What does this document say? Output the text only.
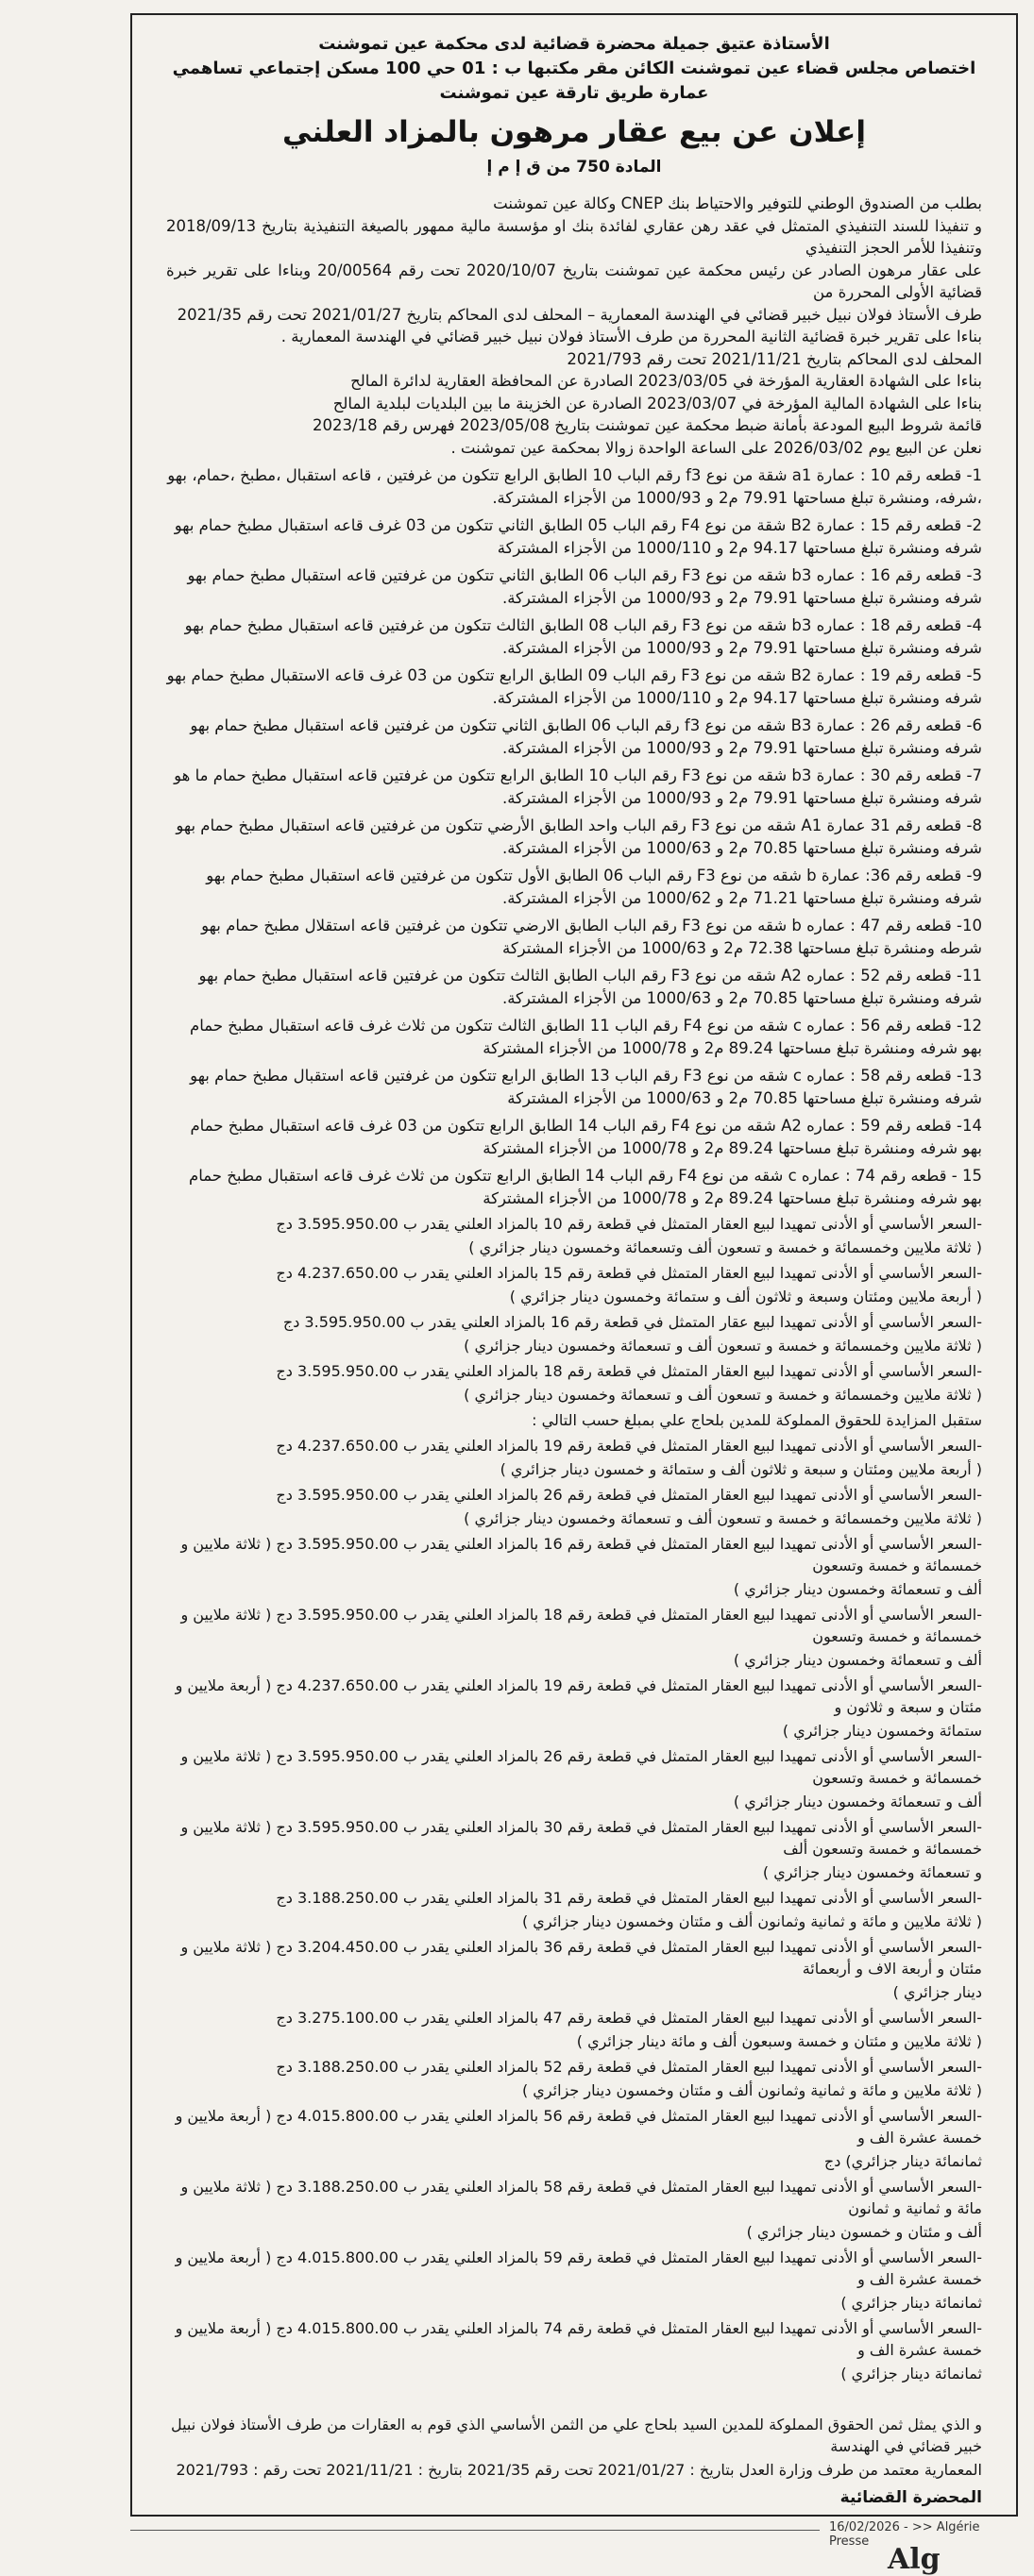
الأستاذة عتيق جميلة محضرة قضائية لدى محكمة عين تموشنت

اختصاص مجلس قضاء عين تموشنت الكائن مقر مكتبها ب : 01 حي 100 مسكن إجتماعي تساهمي عمارة طريق تارقة عين تموشنت

إعلان عن بيع عقار مرهون بالمزاد العلني

المادة 750 من ق إ م إ

بطلب من الصندوق الوطني للتوفير والاحتياط بنك CNEP وكالة عين تموشنت

و تنفيذا للسند التنفيذي المتمثل في عقد رهن عقاري لفائدة بنك او مؤسسة مالية ممهور بالصيغة التنفيذية بتاريخ 2018/09/13 وتنفيذا للأمر الحجز التنفيذي

على عقار مرهون الصادر عن رئيس محكمة عين تموشنت بتاريخ 2020/10/07 تحت رقم 20/00564 وبناءا على تقرير خبرة قضائية الأولى المحررة من

طرف الأستاذ فولان نبيل خبير قضائي في الهندسة المعمارية – المحلف لدى المحاكم بتاريخ 2021/01/27 تحت رقم 2021/35

بناءا على تقرير خبرة قضائية الثانية المحررة من طرف الأستاذ فولان نبيل خبير قضائي في الهندسة المعمارية .

المحلف لدى المحاكم بتاريخ 2021/11/21 تحت رقم 2021/793

بناءا على الشهادة العقارية المؤرخة في 2023/03/05 الصادرة عن المحافظة العقارية لدائرة المالح

بناءا على الشهادة المالية المؤرخة في 2023/03/07 الصادرة عن الخزينة ما بين البلديات لبلدية المالح

قائمة شروط البيع المودعة بأمانة ضبط محكمة عين تموشنت بتاريخ 2023/05/08 فهرس رقم 2023/18

نعلن عن البيع يوم 2026/03/02 على الساعة الواحدة زوالا بمحكمة عين تموشنت .

1- قطعه رقم 10 : عمارة a1 شقة من نوع f3 رقم الباب 10 الطابق الرابع تتكون من غرفتين ، قاعه استقبال ،مطبخ ،حمام، بهو ،شرفه، ومنشرة تبلغ مساحتها 79.91 م2 و 1000/93 من الأجزاء المشتركة.

2- قطعه رقم 15 : عمارة B2 شقة من نوع F4 رقم الباب 05 الطابق الثاني تتكون من 03 غرف قاعه استقبال مطبخ حمام بهو شرفه ومنشرة تبلغ مساحتها 94.17 م2 و 1000/110 من الأجزاء المشتركة

3- قطعه رقم 16 : عماره b3 شقه من نوع F3 رقم الباب 06 الطابق الثاني تتكون من غرفتين قاعه استقبال مطبخ حمام بهو شرفه ومنشرة تبلغ مساحتها 79.91 م2 و 1000/93 من الأجزاء المشتركة.

4- قطعه رقم 18 : عماره b3 شقه من نوع F3 رقم الباب 08 الطابق الثالث تتكون من غرفتين قاعه استقبال مطبخ حمام بهو شرفه ومنشرة تبلغ مساحتها 79.91 م2 و 1000/93 من الأجزاء المشتركة.

5- قطعه رقم 19 : عمارة B2 شقه من نوع F3 رقم الباب 09 الطابق الرابع تتكون من 03 غرف قاعه الاستقبال مطبخ حمام بهو شرفه ومنشرة تبلغ مساحتها 94.17 م2 و 1000/110 من الأجزاء المشتركة.

6- قطعه رقم 26 : عمارة B3 شقه من نوع f3 رقم الباب 06 الطابق الثاني تتكون من غرفتين قاعه استقبال مطبخ حمام بهو شرفه ومنشرة تبلغ مساحتها 79.91 م2 و 1000/93 من الأجزاء المشتركة.

7- قطعه رقم 30 : عمارة b3 شقه من نوع F3 رقم الباب 10 الطابق الرابع تتكون من غرفتين قاعه استقبال مطبخ حمام ما هو شرفه ومنشرة تبلغ مساحتها 79.91 م2 و 1000/93 من الأجزاء المشتركة.

8- قطعه رقم 31 عمارة A1 شقه من نوع F3 رقم الباب واحد الطابق الأرضي تتكون من غرفتين قاعه استقبال مطبخ حمام بهو شرفه ومنشرة تبلغ مساحتها 70.85 م2 و 1000/63 من الأجزاء المشتركة.

9- قطعه رقم 36: عمارة b شقه من نوع F3 رقم الباب 06 الطابق الأول تتكون من غرفتين قاعه استقبال مطبخ حمام بهو شرفه ومنشرة تبلغ مساحتها 71.21 م2 و 1000/62 من الأجزاء المشتركة.

10- قطعه رقم 47 : عماره b شقه من نوع F3 رقم الباب الطابق الارضي تتكون من غرفتين قاعه استقلال مطبخ حمام بهو شرطه ومنشرة تبلغ مساحتها 72.38 م2 و 1000/63 من الأجزاء المشتركة

11- قطعه رقم 52 : عماره A2 شقه من نوع F3 رقم الباب الطابق الثالث تتكون من غرفتين قاعه استقبال مطبخ حمام بهو شرفه ومنشرة تبلغ مساحتها 70.85 م2 و 1000/63 من الأجزاء المشتركة.

12- قطعه رقم 56 : عماره c شقه من نوع F4 رقم الباب 11 الطابق الثالث تتكون من ثلاث غرف قاعه استقبال مطبخ حمام بهو شرفه ومنشرة تبلغ مساحتها 89.24 م2 و 1000/78 من الأجزاء المشتركة

13- قطعه رقم 58 : عماره c شقه من نوع F3 رقم الباب 13 الطابق الرابع تتكون من غرفتين قاعه استقبال مطبخ حمام بهو شرفه ومنشرة تبلغ مساحتها 70.85 م2 و 1000/63 من الأجزاء المشتركة

14- قطعه رقم 59 : عماره A2 شقه من نوع F4 رقم الباب 14 الطابق الرابع تتكون من 03 غرف قاعه استقبال مطبخ حمام بهو شرفه ومنشرة تبلغ مساحتها 89.24 م2 و 1000/78 من الأجزاء المشتركة

15 - قطعه رقم 74 : عماره c شقه من نوع F4 رقم الباب 14 الطابق الرابع تتكون من ثلاث غرف قاعه استقبال مطبخ حمام بهو شرفه ومنشرة تبلغ مساحتها 89.24 م2 و 1000/78 من الأجزاء المشتركة

-السعر الأساسي أو الأدنى تمهيدا لبيع العقار المتمثل في قطعة رقم 10 بالمزاد العلني يقدر ب 3.595.950.00 دج

( ثلاثة ملايين وخمسمائة و خمسة و تسعون ألف وتسعمائة وخمسون دينار جزائري )

-السعر الأساسي أو الأدنى تمهيدا لبيع العقار المتمثل في قطعة رقم 15 بالمزاد العلني يقدر ب 4.237.650.00 دج

( أربعة ملايين ومئتان وسبعة و ثلاثون ألف و ستمائة وخمسون دينار جزائري )

-السعر الأساسي أو الأدنى تمهيدا لبيع عقار المتمثل في قطعة رقم 16 بالمزاد العلني يقدر ب 3.595.950.00 دج

( ثلاثة ملايين وخمسمائة و خمسة و تسعون ألف و تسعمائة وخمسون دينار جزائري )

-السعر الأساسي أو الأدنى تمهيدا لبيع العقار المتمثل في قطعة رقم 18 بالمزاد العلني يقدر ب 3.595.950.00 دج

( ثلاثة ملايين وخمسمائة و خمسة و تسعون ألف و تسعمائة وخمسون دينار جزائري )

ستقبل المزايدة للحقوق المملوكة للمدين بلحاج علي بمبلغ حسب التالي :

-السعر الأساسي أو الأدنى تمهيدا لبيع العقار المتمثل في قطعة رقم 19 بالمزاد العلني يقدر ب 4.237.650.00 دج

( أربعة ملايين ومئتان و سبعة و ثلاثون ألف و ستمائة و خمسون دينار جزائري )

-السعر الأساسي أو الأدنى تمهيدا لبيع العقار المتمثل في قطعة رقم 26 بالمزاد العلني يقدر ب 3.595.950.00 دج

( ثلاثة ملايين وخمسمائة و خمسة و تسعون ألف و تسعمائة وخمسون دينار جزائري )

-السعر الأساسي أو الأدنى تمهيدا لبيع العقار المتمثل في قطعة رقم 16 بالمزاد العلني يقدر ب 3.595.950.00 دج ( ثلاثة ملايين و خمسمائة و خمسة وتسعون

ألف و تسعمائة وخمسون دينار جزائري )

-السعر الأساسي أو الأدنى تمهيدا لبيع العقار المتمثل في قطعة رقم 18 بالمزاد العلني يقدر ب 3.595.950.00 دج ( ثلاثة ملايين و خمسمائة و خمسة وتسعون

ألف و تسعمائة وخمسون دينار جزائري )

-السعر الأساسي أو الأدنى تمهيدا لبيع العقار المتمثل في قطعة رقم 19 بالمزاد العلني يقدر ب 4.237.650.00 دج ( أربعة ملايين و مئتان و سبعة و ثلاثون و

ستمائة وخمسون دينار جزائري )

-السعر الأساسي أو الأدنى تمهيدا لبيع العقار المتمثل في قطعة رقم 26 بالمزاد العلني يقدر ب 3.595.950.00 دج ( ثلاثة ملايين و خمسمائة و خمسة وتسعون

ألف و تسعمائة وخمسون دينار جزائري )

-السعر الأساسي أو الأدنى تمهيدا لبيع العقار المتمثل في قطعة رقم 30 بالمزاد العلني يقدر ب 3.595.950.00 دج ( ثلاثة ملايين و خمسمائة و خمسة وتسعون ألف

و تسعمائة وخمسون دينار جزائري )

-السعر الأساسي أو الأدنى تمهيدا لبيع العقار المتمثل في قطعة رقم 31 بالمزاد العلني يقدر ب 3.188.250.00 دج

( ثلاثة ملايين و مائة و ثمانية وثمانون ألف و مئتان وخمسون دينار جزائري )

-السعر الأساسي أو الأدنى تمهيدا لبيع العقار المتمثل في قطعة رقم 36 بالمزاد العلني يقدر ب 3.204.450.00 دج ( ثلاثة ملايين و مئتان و أربعة الاف و أربعمائة

دينار جزائري )

-السعر الأساسي أو الأدنى تمهيدا لبيع العقار المتمثل في قطعة رقم 47 بالمزاد العلني يقدر ب 3.275.100.00 دج

( ثلاثة ملايين و مئتان و خمسة وسبعون ألف و مائة دينار جزائري )

-السعر الأساسي أو الأدنى تمهيدا لبيع العقار المتمثل في قطعة رقم 52 بالمزاد العلني يقدر ب 3.188.250.00 دج

( ثلاثة ملايين و مائة و ثمانية وثمانون ألف و مئتان وخمسون دينار جزائري )

-السعر الأساسي أو الأدنى تمهيدا لبيع العقار المتمثل في قطعة رقم 56 بالمزاد العلني يقدر ب 4.015.800.00 دج ( أربعة ملايين و خمسة عشرة الف و

ثمانمائة دينار جزائري) دج

-السعر الأساسي أو الأدنى تمهيدا لبيع العقار المتمثل في قطعة رقم 58 بالمزاد العلني يقدر ب 3.188.250.00 دج ( ثلاثة ملايين و مائة و ثمانية و ثمانون

ألف و مئتان و خمسون دينار جزائري )

-السعر الأساسي أو الأدنى تمهيدا لبيع العقار المتمثل في قطعة رقم 59 بالمزاد العلني يقدر ب 4.015.800.00 دج ( أربعة ملايين و خمسة عشرة الف و

ثمانمائة دينار جزائري )

-السعر الأساسي أو الأدنى تمهيدا لبيع العقار المتمثل في قطعة رقم 74 بالمزاد العلني يقدر ب 4.015.800.00 دج ( أربعة ملايين و خمسة عشرة الف و

ثمانمائة دينار جزائري )

و الذي يمثل ثمن الحقوق المملوكة للمدين السيد بلحاج علي من الثمن الأساسي الذي قوم به العقارات من طرف الأستاذ فولان نبيل خبير قضائي في الهندسة

المعمارية معتمد من طرف وزارة العدل بتاريخ : 2021/01/27 تحت رقم 2021/35 بتاريخ : 2021/11/21 تحت رقم : 2021/793

المحضرة القضائية

16/02/2026 - >> Algérie Presse
Alg
